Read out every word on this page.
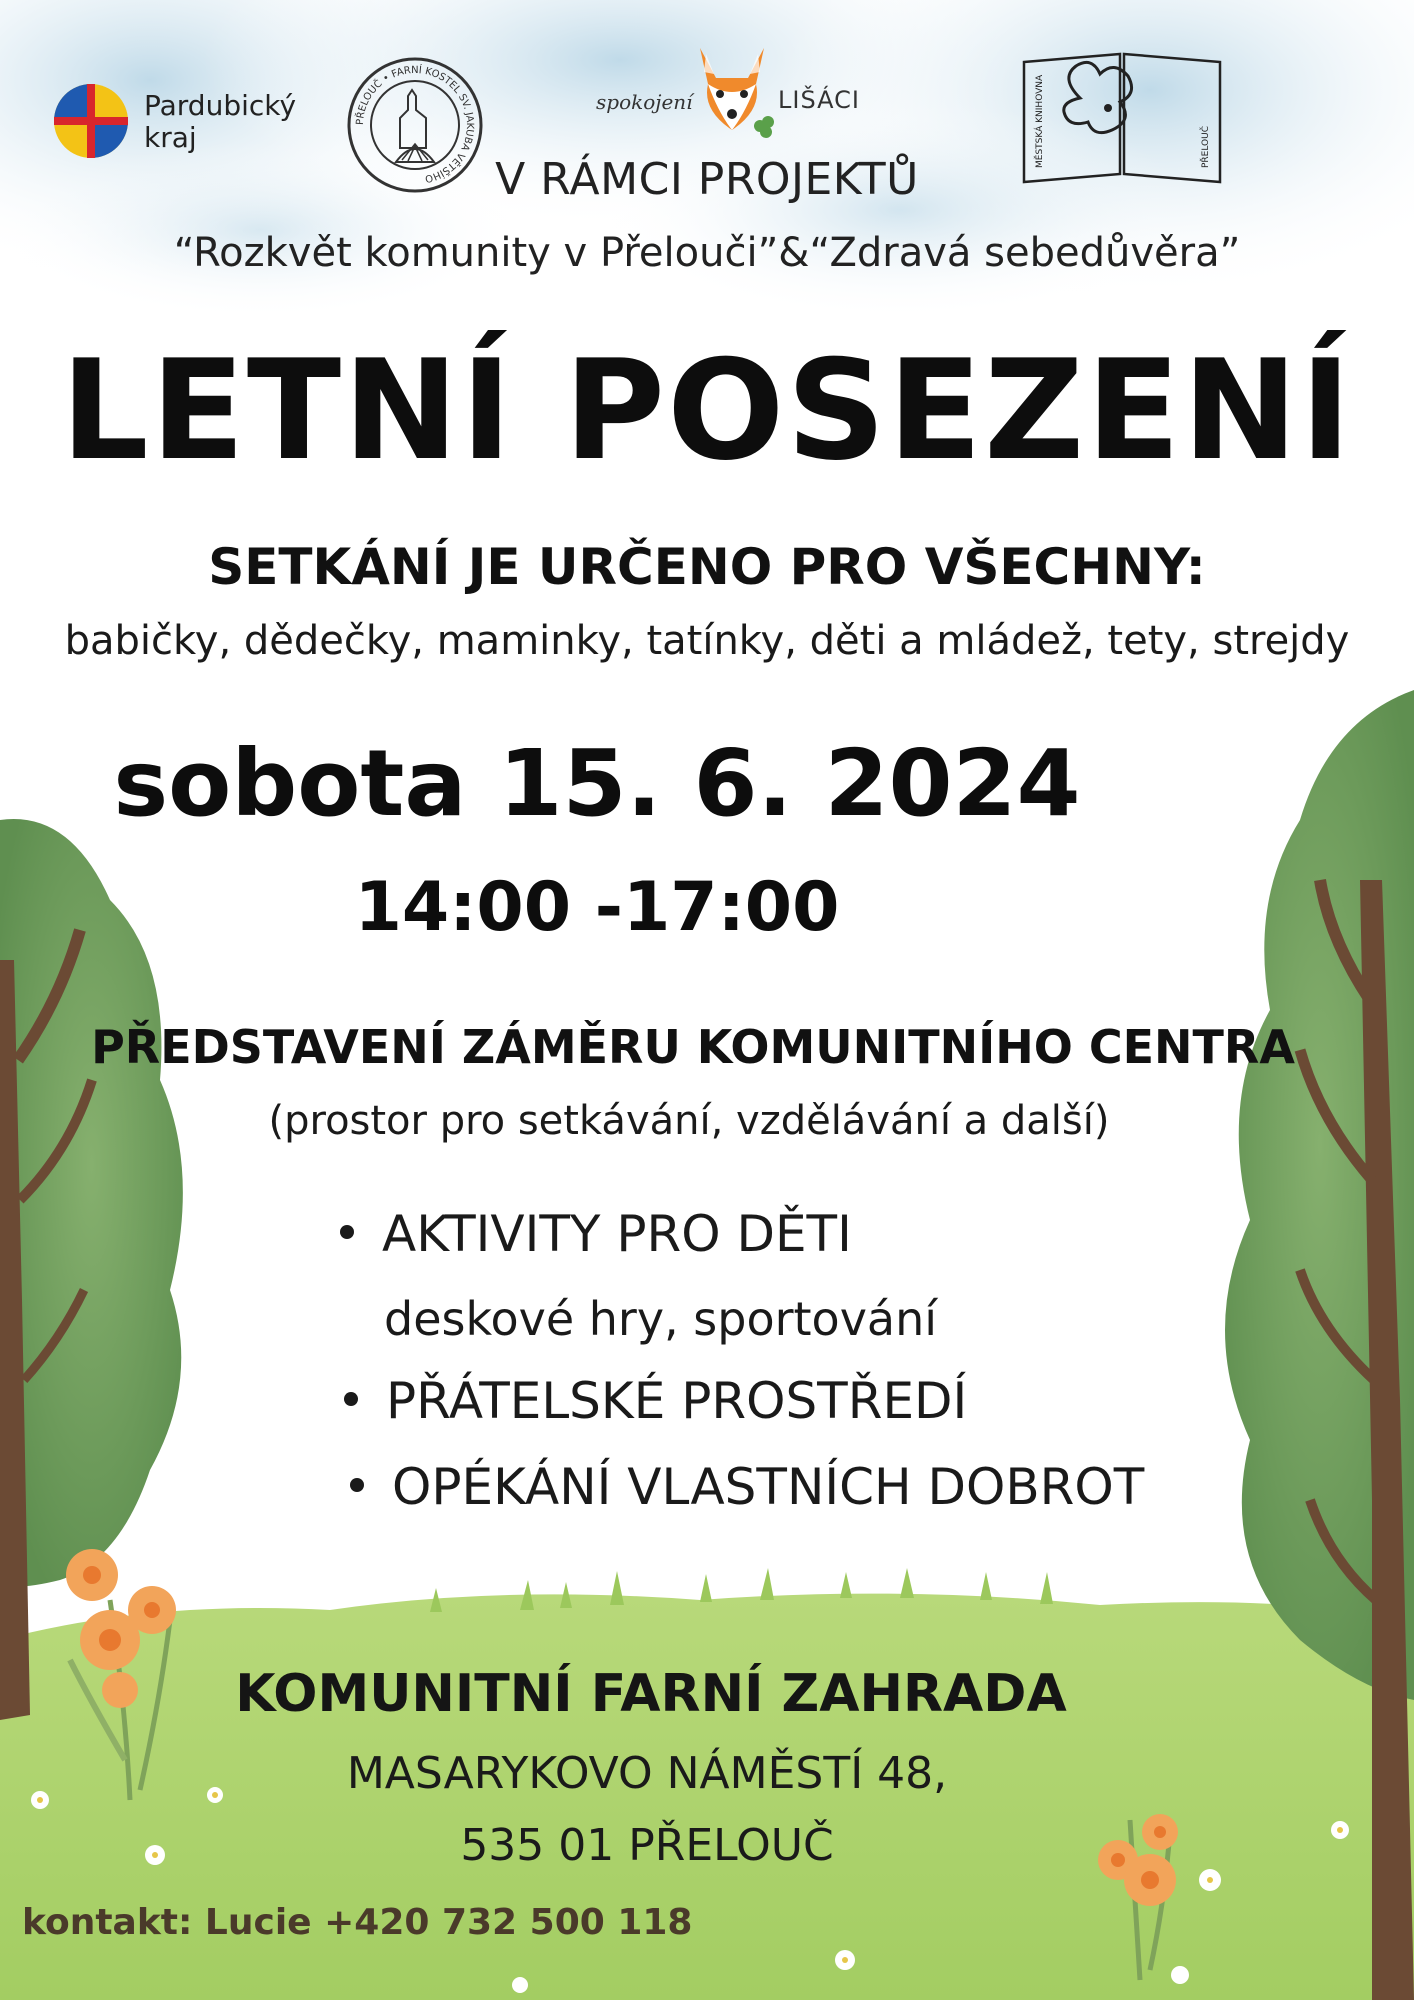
Pardubický
kraj	PŘELOUČ • FARNÍ KOSTEL SV. JAKUBA VĚTŠÍHO
spokojení	LIŠÁCI	MĚSTSKÁ KNIHOVNA	PŘELOUČ
V RÁMCI PROJEKTŮ
“Rozkvět komunity v Přelouči”&“Zdravá sebedůvěra”
LETNÍ POSEZENÍ
SETKÁNÍ JE URČENO PRO VŠECHNY:
babičky, dědečky, maminky, tatínky, děti a mládež, tety, strejdy
sobota 15. 6. 2024
14:00 -17:00
PŘEDSTAVENÍ ZÁMĚRU KOMUNITNÍHO CENTRA
(prostor pro setkávání, vzdělávání a další)
AKTIVITY PRO DĚTI
deskové hry, sportování
PŘÁTELSKÉ PROSTŘEDÍ
OPÉKÁNÍ VLASTNÍCH DOBROT
KOMUNITNÍ FARNÍ ZAHRADA
MASARYKOVO NÁMĚSTÍ 48,
535 01 PŘELOUČ
kontakt: Lucie +420 732 500 118
